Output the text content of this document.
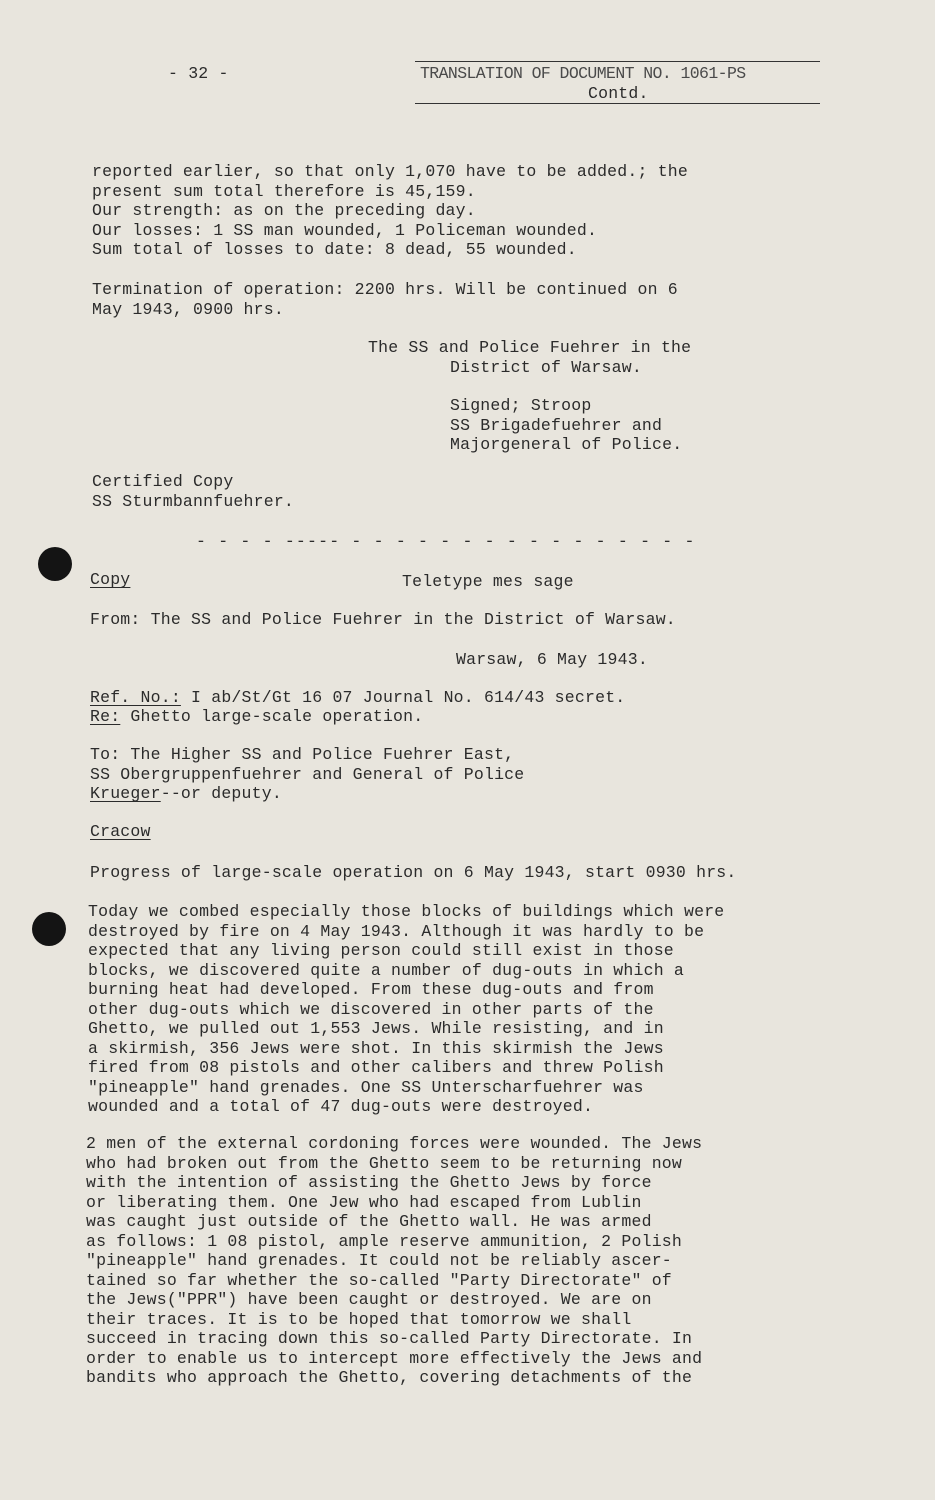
- 32 -	TRANSLATION OF DOCUMENT NO. 1061-PS
Contd.
reported earlier, so that only 1,070 have to be added.; the
present sum total therefore is 45,159.
Our strength: as on the preceding day.
Our losses: 1 SS man wounded, 1 Policeman wounded.
Sum total of losses to date: 8 dead, 55 wounded.
Termination of operation: 2200 hrs. Will be continued on 6
May 1943, 0900 hrs.
The SS and Police Fuehrer in the
District of Warsaw.
Signed; Stroop
SS Brigadefuehrer and
Majorgeneral of Police.
Certified Copy
SS Sturmbannfuehrer.
- - - - ----- - - - - - - - - - - - - - - - -
Copy	Teletype mes sage
From: The SS and Police Fuehrer in the District of Warsaw.
Warsaw, 6 May 1943.
Ref. No.: I ab/St/Gt 16 07 Journal No. 614/43 secret.
Re: Ghetto large-scale operation.
To: The Higher SS and Police Fuehrer East,
SS Obergruppenfuehrer and General of Police
Krueger--or deputy.
Cracow
Progress of large-scale operation on 6 May 1943, start 0930 hrs.
Today we combed especially those blocks of buildings which were
destroyed by fire on 4 May 1943. Although it was hardly to be
expected that any living person could still exist in those
blocks, we discovered quite a number of dug-outs in which a
burning heat had developed. From these dug-outs and from
other dug-outs which we discovered in other parts of the
Ghetto, we pulled out 1,553 Jews. While resisting, and in
a skirmish, 356 Jews were shot. In this skirmish the Jews
fired from 08 pistols and other calibers and threw Polish
"pineapple" hand grenades. One SS Unterscharfuehrer was
wounded and a total of 47 dug-outs were destroyed.
2 men of the external cordoning forces were wounded. The Jews
who had broken out from the Ghetto seem to be returning now
with the intention of assisting the Ghetto Jews by force
or liberating them. One Jew who had escaped from Lublin
was caught just outside of the Ghetto wall. He was armed
as follows: 1 08 pistol, ample reserve ammunition, 2 Polish
"pineapple" hand grenades. It could not be reliably ascer-
tained so far whether the so-called "Party Directorate" of
the Jews("PPR") have been caught or destroyed. We are on
their traces. It is to be hoped that tomorrow we shall
succeed in tracing down this so-called Party Directorate. In
order to enable us to intercept more effectively the Jews and
bandits who approach the Ghetto, covering detachments of the
